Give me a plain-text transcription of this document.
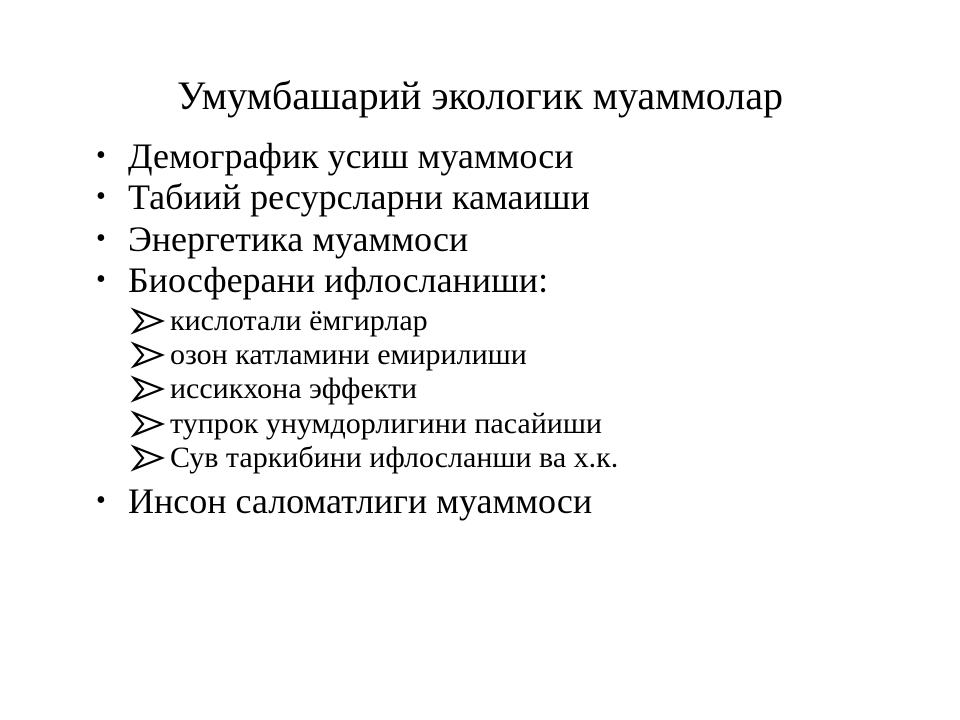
Умумбашарий экологик муаммолар
• Демографик усиш муаммоси
• Табиий ресурсларни камаиши
• Энергетика муаммоси
• Биосферани ифлосланиши:
кислотали ёмгирлар
озон катламини емирилиши
иссикхона эффекти
тупрок унумдорлигини пасайиши
Сув таркибини ифлосланши ва х.к.
• Инсон саломатлиги муаммоси
